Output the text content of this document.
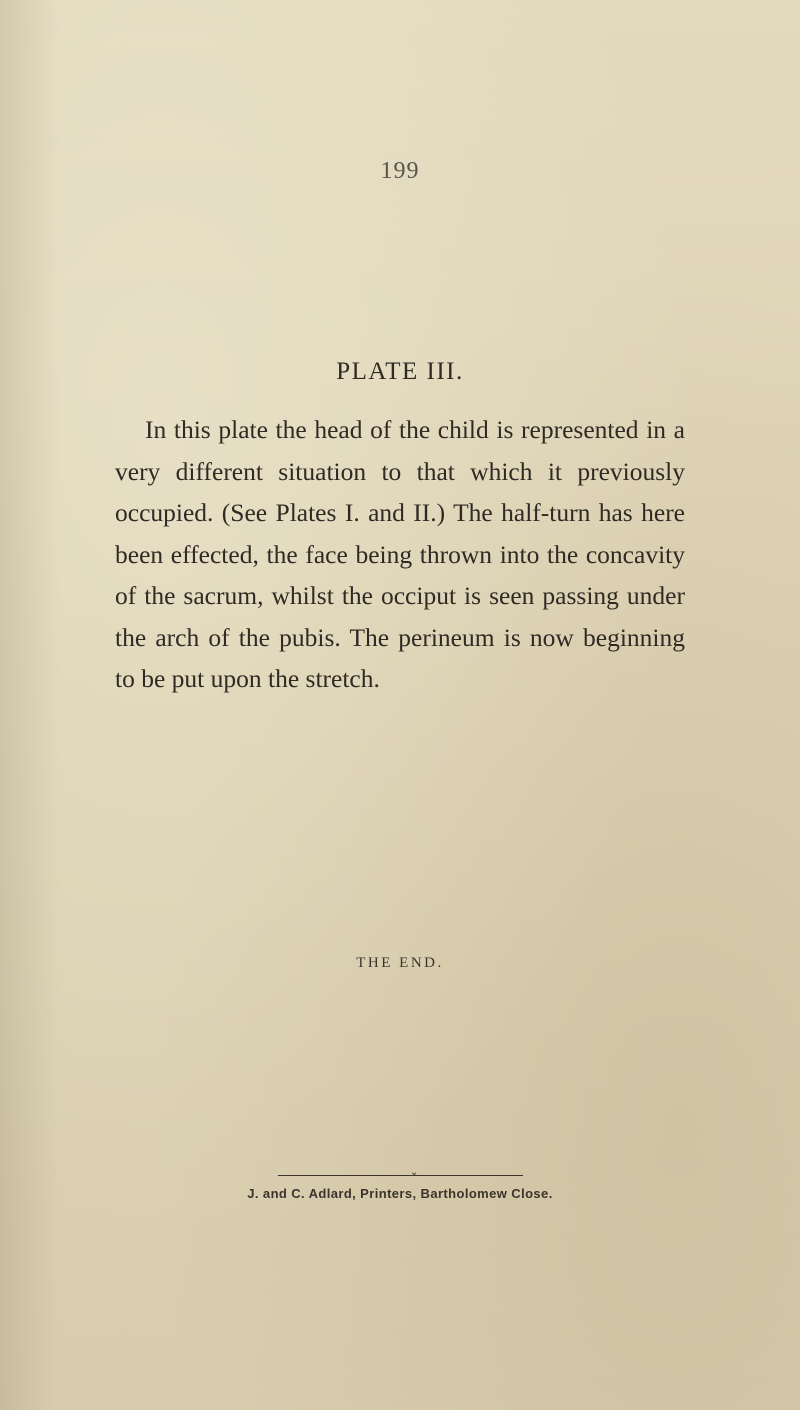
199
PLATE III.

In this plate the head of the child is represented in a very different situation to that which it previously occupied. (See Plates I. and II.) The half-turn has here been effected, the face being thrown into the concavity of the sacrum, whilst the occiput is seen passing under the arch of the pubis. The perineum is now beginning to be put upon the stretch.

THE END.
⌄
J. and C. Adlard, Printers, Bartholomew Close.
